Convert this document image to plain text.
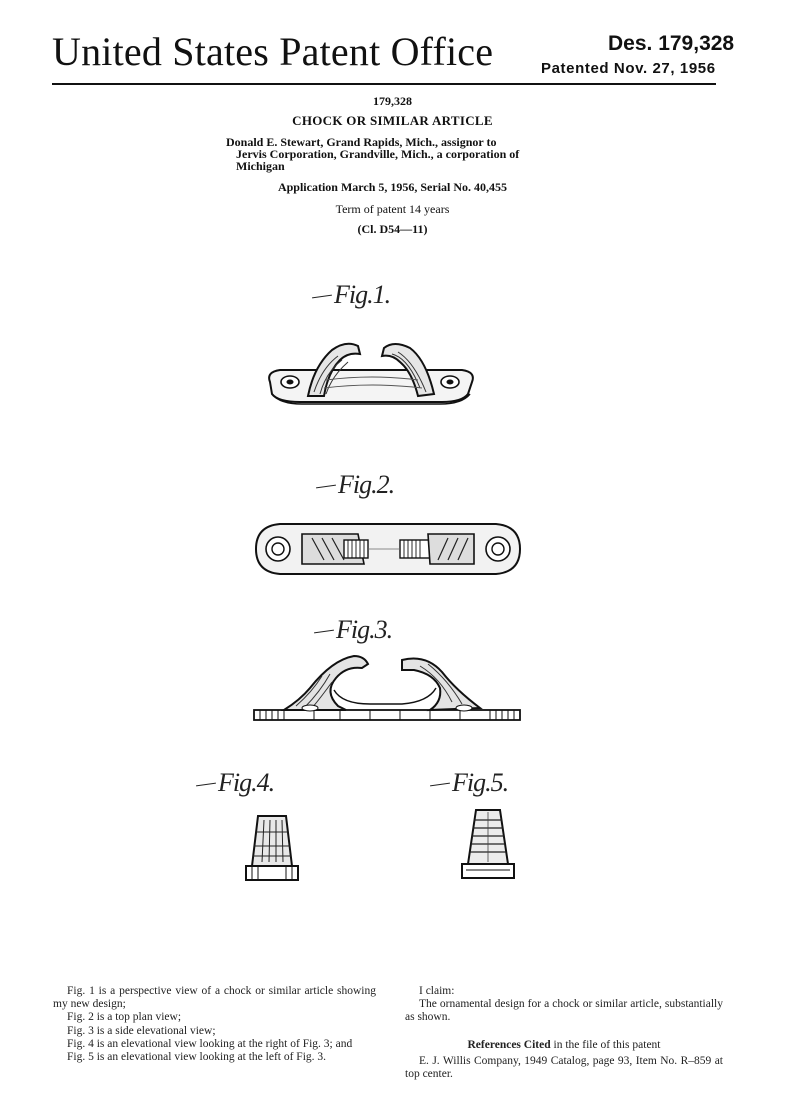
United States Patent Office	Des. 179,328
Patented Nov. 27, 1956
179,328
CHOCK OR SIMILAR ARTICLE
Donald E. Stewart, Grand Rapids, Mich., assignor to
Jervis Corporation, Grandville, Mich., a corporation of
Michigan
Application March 5, 1956, Serial No. 40,455
Term of patent 14 years
(Cl. D54—11)
Fig.1.
Fig.2.
Fig.3.
Fig.4.	Fig.5.

Fig. 1 is a perspective view of a chock or similar article showing my new design;

Fig. 2 is a top plan view;

Fig. 3 is a side elevational view;

Fig. 4 is an elevational view looking at the right of Fig. 3; and

Fig. 5 is an elevational view looking at the left of Fig. 3.

I claim:

The ornamental design for a chock or similar article, substantially as shown.

References Cited in the file of this patent

E. J. Willis Company, 1949 Catalog, page 93, Item No. R–859 at top center.
